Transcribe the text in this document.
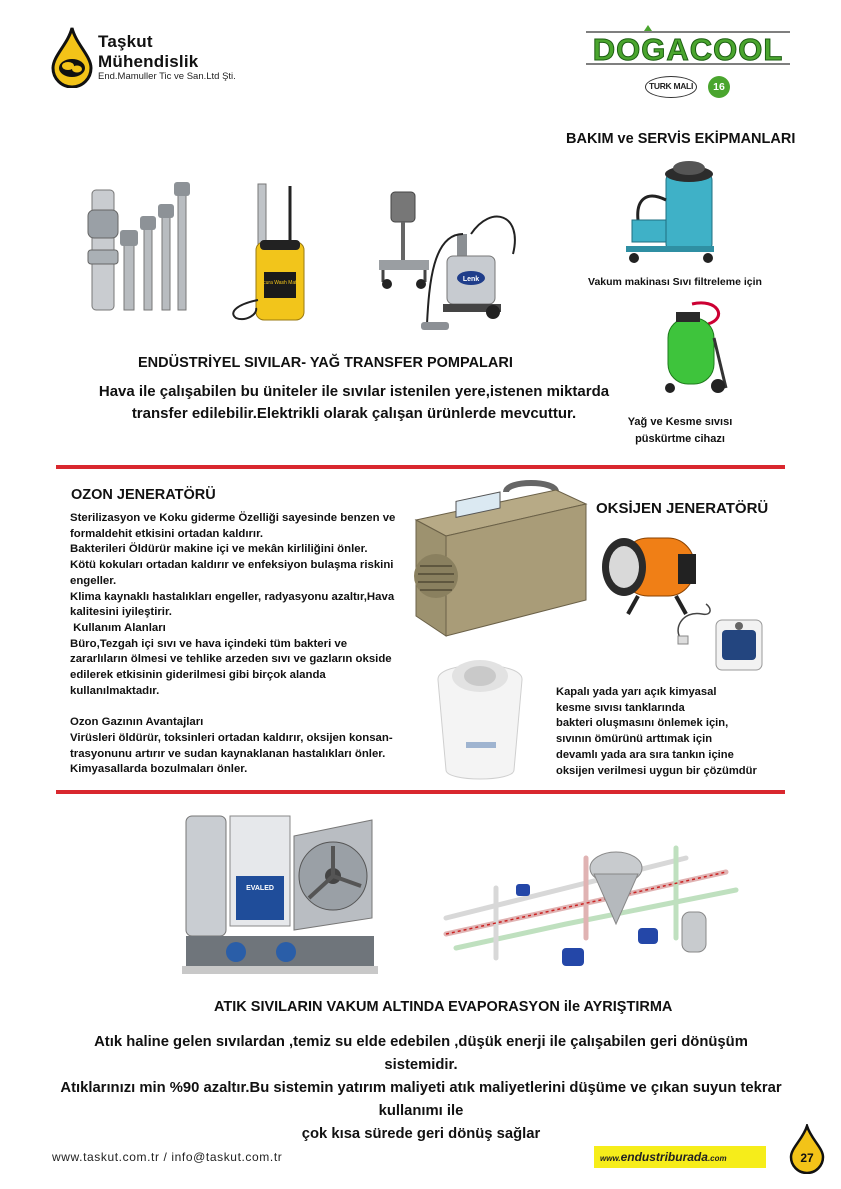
Taşkut
Mühendislik
End.Mamuller Tic ve San.Ltd Şti.
DOGACOOL
TURK MALI	16
BAKIM ve SERVİS EKİPMANLARI
Acura Wash Matic	Lenk	Vakum makinası Sıvı filtreleme için
Yağ ve Kesme sıvısı
püskürtme cihazı
ENDÜSTRİYEL SIVILAR- YAĞ TRANSFER POMPALARI
Hava ile çalışabilen bu üniteler ile sıvılar istenilen yere,istenen miktarda
transfer edilebilir.Elektrikli olarak çalışan ürünlerde mevcuttur.
OZON JENERATÖRÜ
Sterilizasyon ve Koku giderme Özelliği sayesinde benzen ve
formaldehit etkisini ortadan kaldırır.
Bakterileri Öldürür makine içi ve mekân kirliliğini önler.
Kötü kokuları ortadan kaldırır ve enfeksiyon bulaşma riskini
engeller.
Klima kaynaklı hastalıkları engeller, radyasyonu azaltır,Hava
kalitesini iyileştirir.
Kullanım Alanları
Büro,Tezgah içi sıvı ve hava içindeki tüm bakteri ve
zararlıların ölmesi ve tehlike arzeden sıvı ve gazların okside
edilerek etkisinin giderilmesi gibi birçok alanda
kullanılmaktadır.
Ozon Gazının Avantajları
Virüsleri öldürür, toksinleri ortadan kaldırır, oksijen konsan-
trasyonunu artırır ve sudan kaynaklanan hastalıkları önler.
Kimyasallarda bozulmaları önler.
OKSİJEN JENERATÖRÜ
Kapalı yada yarı açık kimyasal
kesme sıvısı tanklarında
bakteri oluşmasını önlemek için,
sıvının ömürünü arttımak için
devamlı yada ara sıra tankın içine
oksijen verilmesi uygun bir çözümdür
EVALED
ATIK SIVILARIN VAKUM ALTINDA EVAPORASYON ile AYRIŞTIRMA
Atık haline gelen sıvılardan ,temiz su elde edebilen ,düşük enerji ile çalışabilen geri dönüşüm sistemidir.
Atıklarınızı min %90 azaltır.Bu sistemin yatırım maliyeti atık maliyetlerini düşüme ve çıkan suyun tekrar kullanımı ile
çok kısa sürede geri dönüş sağlar
www.taskut.com.tr / info@taskut.com.tr	www.endustriburada.com	27
